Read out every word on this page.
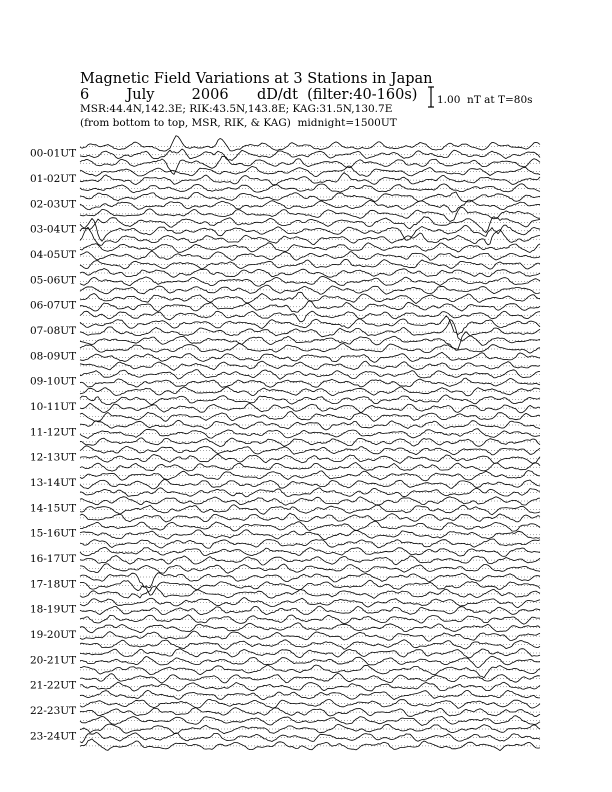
Magnetic Field Variations at 3 Stations in Japan
6  July  2006 dD/dt  (filter:40-160s)
MSR:44.4N,142.3E; RIK:43.5N,143.8E; KAG:31.5N,130.7E
(from bottom to top, MSR, RIK, & KAG)  midnight=1500UT
1.00  nT at T=80s
00-01UT
01-02UT
02-03UT
03-04UT
04-05UT
05-06UT
06-07UT
07-08UT
08-09UT
09-10UT
10-11UT
11-12UT
12-13UT
13-14UT
14-15UT
15-16UT
16-17UT
17-18UT
18-19UT
19-20UT
20-21UT
21-22UT
22-23UT
23-24UT
